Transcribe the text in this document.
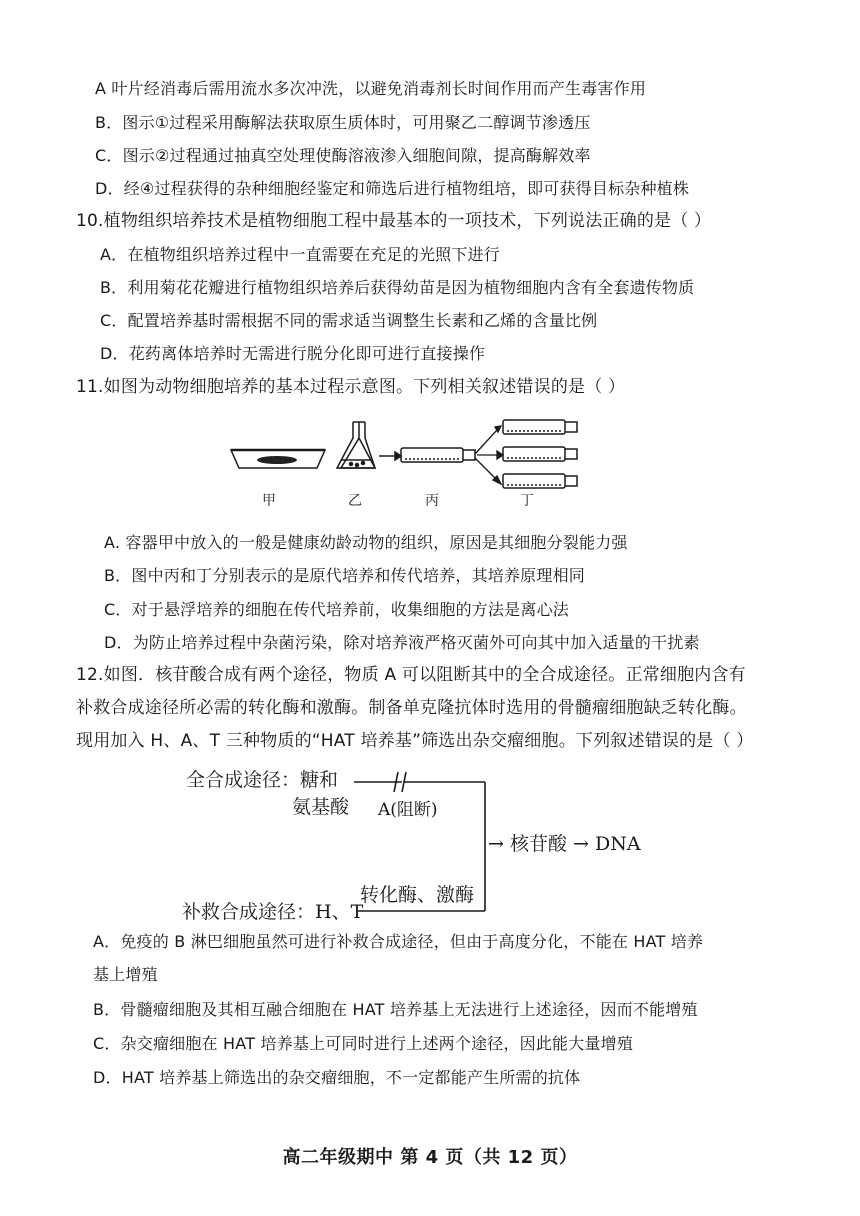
A 叶片经消毒后需用流水多次冲洗，以避免消毒剂长时间作用而产生毒害作用
B．图示①过程采用酶解法获取原生质体时，可用聚乙二醇调节渗透压
C．图示②过程通过抽真空处理使酶溶液渗入细胞间隙，提高酶解效率
D．经④过程获得的杂种细胞经鉴定和筛选后进行植物组培，即可获得目标杂种植株
10.植物组织培养技术是植物细胞工程中最基本的一项技术，下列说法正确的是（ ）
A．在植物组织培养过程中一直需要在充足的光照下进行
B．利用菊花花瓣进行植物组织培养后获得幼苗是因为植物细胞内含有全套遗传物质
C．配置培养基时需根据不同的需求适当调整生长素和乙烯的含量比例
D．花药离体培养时无需进行脱分化即可进行直接操作
11.如图为动物细胞培养的基本过程示意图。下列相关叙述错误的是（ ）
甲	乙	丙	丁
A. 容器甲中放入的一般是健康幼龄动物的组织，原因是其细胞分裂能力强
B．图中丙和丁分别表示的是原代培养和传代培养，其培养原理相同
C．对于悬浮培养的细胞在传代培养前，收集细胞的方法是离心法
D．为防止培养过程中杂菌污染，除对培养液严格灭菌外可向其中加入适量的干扰素
12.如图．核苷酸合成有两个途径，物质 A 可以阻断其中的全合成途径。正常细胞内含有
补救合成途径所必需的转化酶和激酶。制备单克隆抗体时选用的骨髓瘤细胞缺乏转化酶。
现用加入 H、A、T 三种物质的“HAT 培养基”筛选出杂交瘤细胞。下列叙述错误的是（ ）
全合成途径：糖和
氨基酸 A(阻断)
→ 核苷酸 → DNA
补救合成途径：H、T
转化酶、激酶
A．免疫的 B 淋巴细胞虽然可进行补救合成途径，但由于高度分化，不能在 HAT 培养
基上增殖
B．骨髓瘤细胞及其相互融合细胞在 HAT 培养基上无法进行上述途径，因而不能增殖
C．杂交瘤细胞在 HAT 培养基上可同时进行上述两个途径，因此能大量增殖
D．HAT 培养基上筛选出的杂交瘤细胞，不一定都能产生所需的抗体
高二年级期中 第 4 页（共 12 页）
